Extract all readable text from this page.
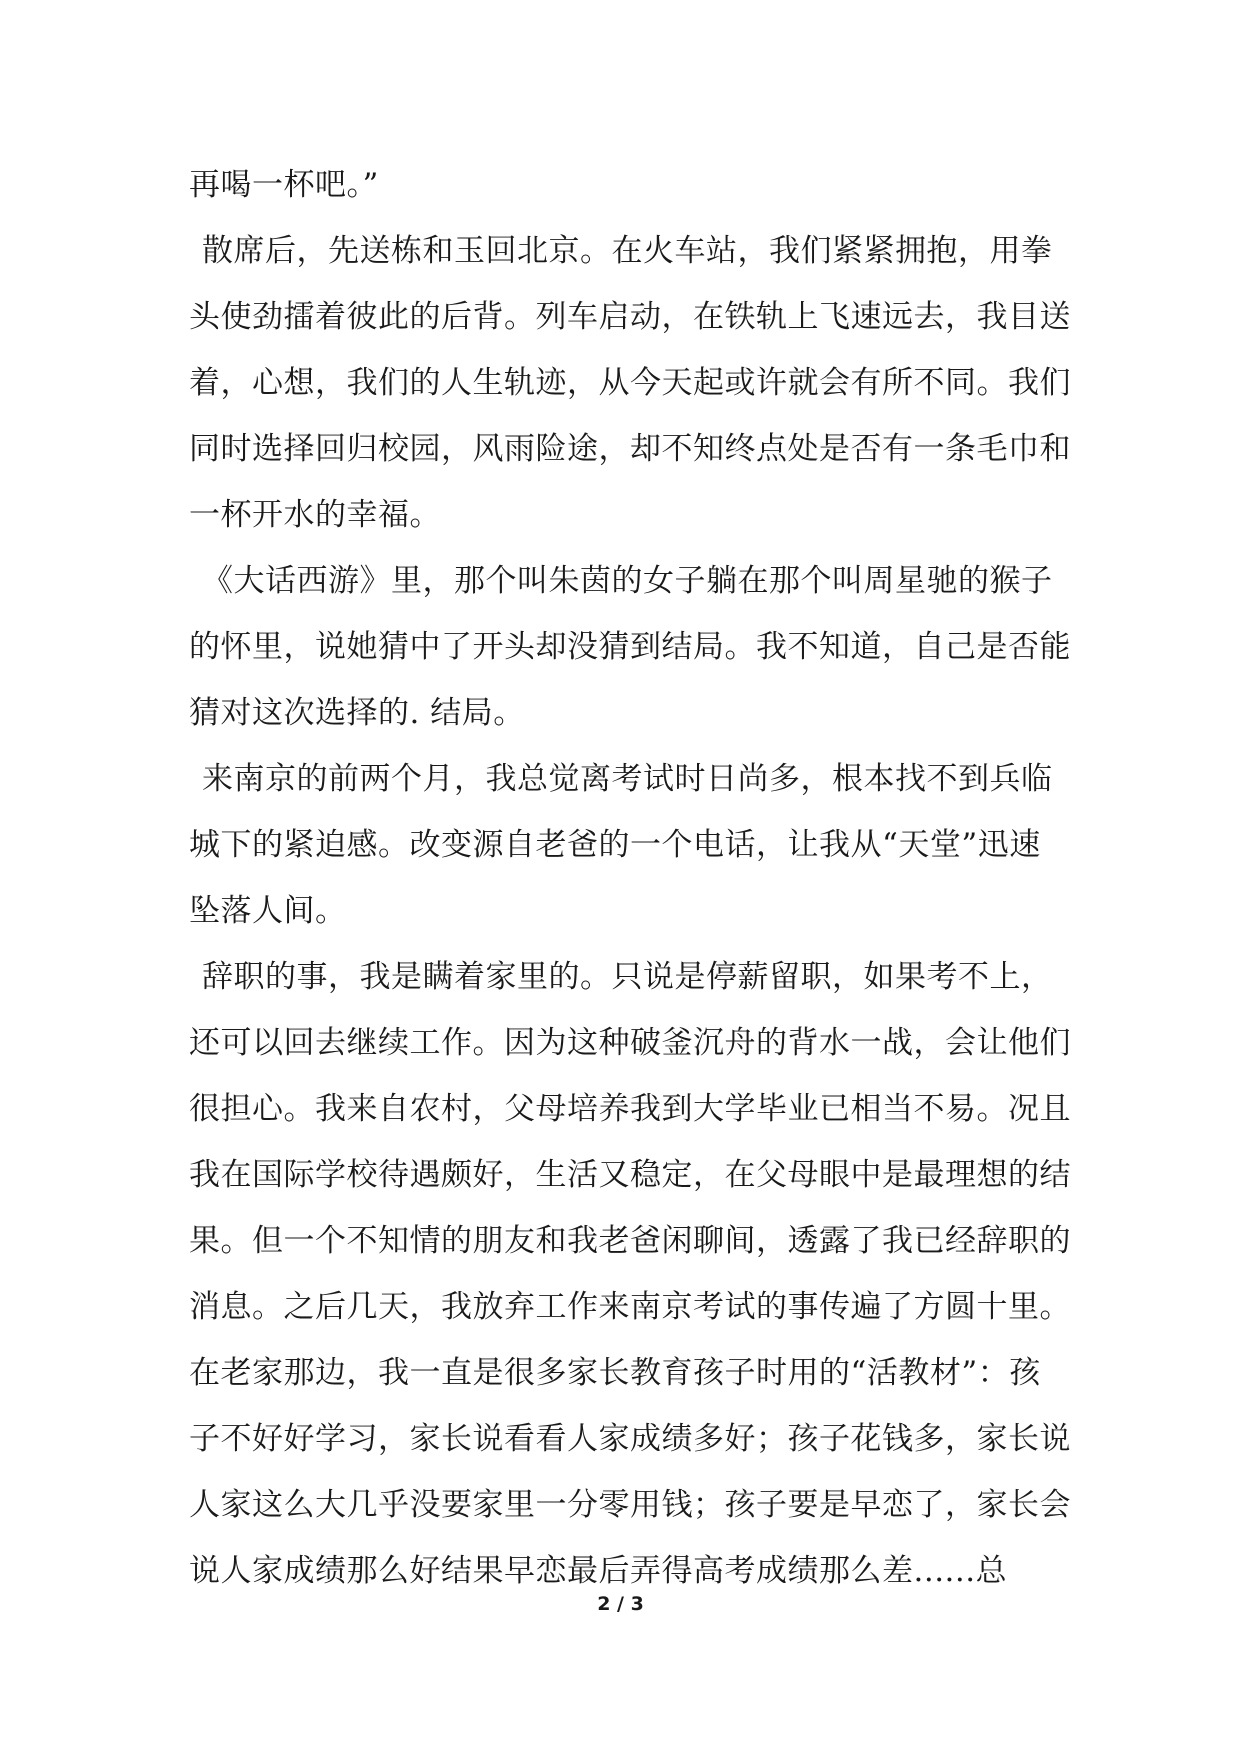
再喝一杯吧。”
散席后，先送栋和玉回北京。在火车站，我们紧紧拥抱，用拳
头使劲擂着彼此的后背。列车启动，在铁轨上飞速远去，我目送
着，心想，我们的人生轨迹，从今天起或许就会有所不同。我们
同时选择回归校园，风雨险途，却不知终点处是否有一条毛巾和
一杯开水的幸福。
《大话西游》里，那个叫朱茵的女子躺在那个叫周星驰的猴子
的怀里，说她猜中了开头却没猜到结局。我不知道，自己是否能
猜对这次选择的. 结局。
来南京的前两个月，我总觉离考试时日尚多，根本找不到兵临
城下的紧迫感。改变源自老爸的一个电话，让我从“天堂”迅速
坠落人间。
辞职的事，我是瞒着家里的。只说是停薪留职，如果考不上，
还可以回去继续工作。因为这种破釜沉舟的背水一战，会让他们
很担心。我来自农村，父母培养我到大学毕业已相当不易。况且
我在国际学校待遇颇好，生活又稳定，在父母眼中是最理想的结
果。但一个不知情的朋友和我老爸闲聊间，透露了我已经辞职的
消息。之后几天，我放弃工作来南京考试的事传遍了方圆十里。
在老家那边，我一直是很多家长教育孩子时用的“活教材”：孩
子不好好学习，家长说看看人家成绩多好；孩子花钱多，家长说
人家这么大几乎没要家里一分零用钱；孩子要是早恋了，家长会
说人家成绩那么好结果早恋最后弄得高考成绩那么差......总
2 / 3
